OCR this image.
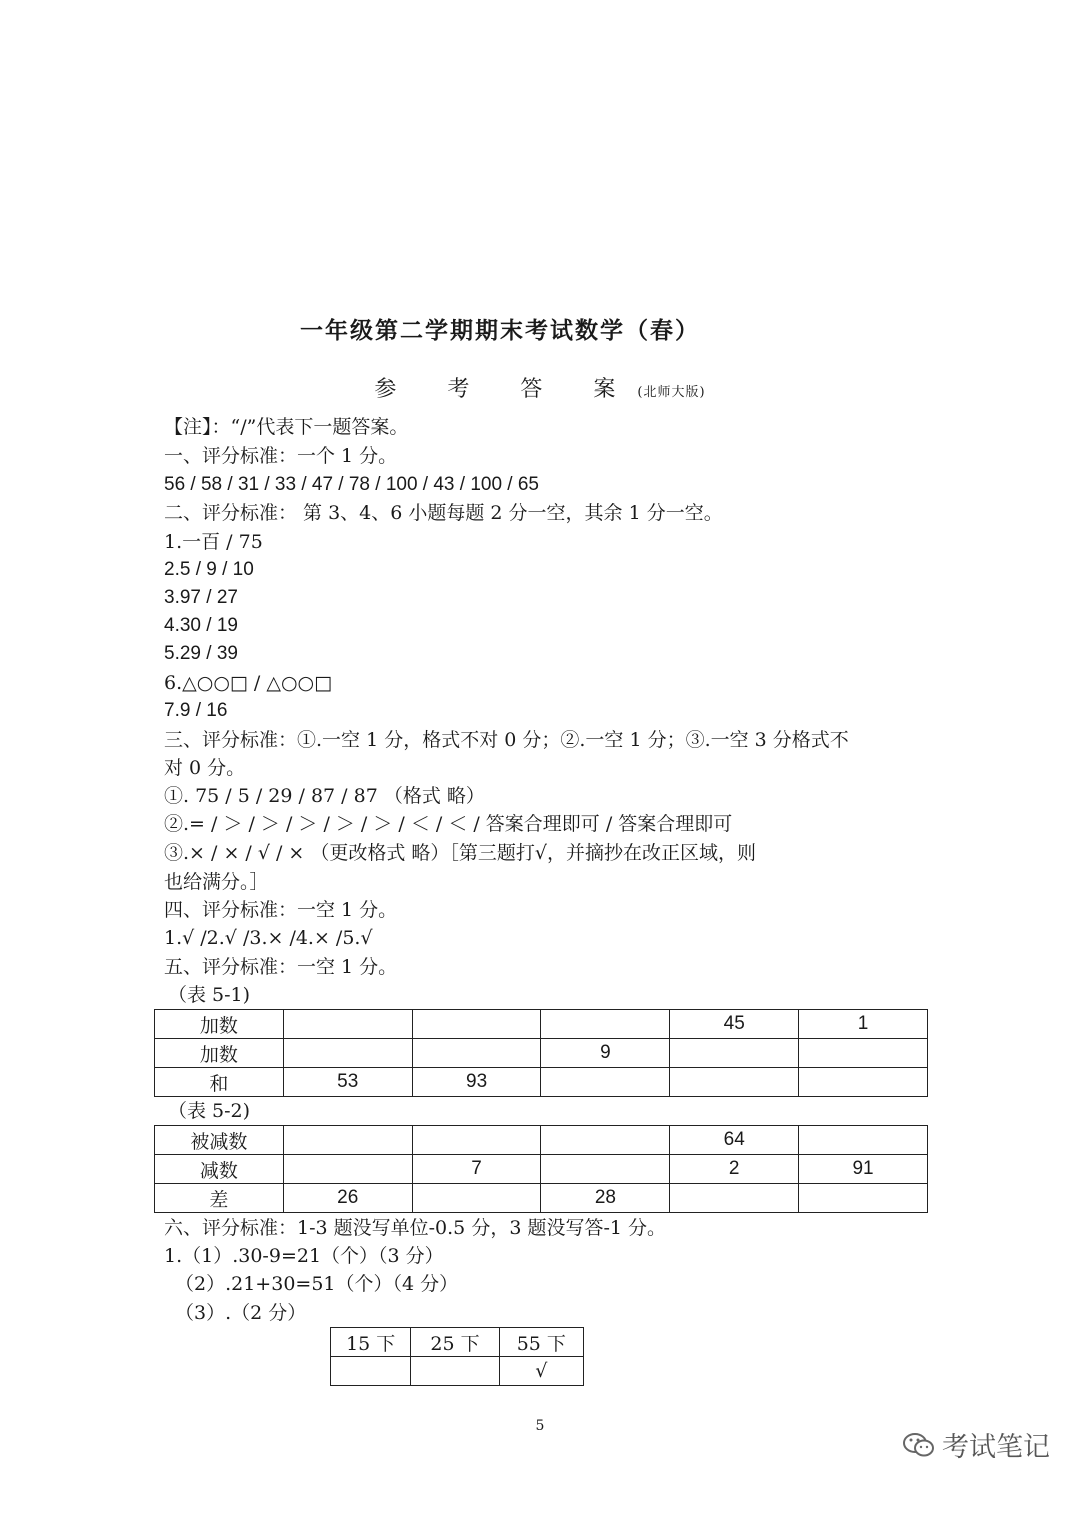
一年级第二学期期末考试数学（春）
参 考 答 案(北师大版)
【注】：“/”代表下一题答案。
一、评分标准：一个 1 分。
56 / 58 / 31 / 33 / 47 / 78 / 100 / 43 / 100 / 65
二、评分标准： 第 3、4、6 小题每题 2 分一空，其余 1 分一空。
1.一百 / 75
2.5 / 9 / 10
3.97 / 27
4.30 / 19
5.29 / 39
6.△○○□ / △○○□
7.9 / 16
三、评分标准：①.一空 1 分，格式不对 0 分；②.一空 1 分；③.一空 3 分格式不
对 0 分。
①. 75 / 5 / 29 / 87 / 87 （格式 略）
②.= / ＞ / ＞ / ＞ / ＞ / ＞ / ＜ / ＜ / 答案合理即可 / 答案合理即可
③.× / × / √ / × （更改格式 略）［第三题打√，并摘抄在改正区域，则
也给满分。］
四、评分标准：一空 1 分。
1.√ /2.√ /3.× /4.× /5.√
五、评分标准：一空 1 分。
（表 5-1)
加数				45	1
加数			9		
和	53	93			
（表 5-2)
被减数				64	
减数		7		2	91
差	26		28		
六、评分标准：1-3 题没写单位-0.5 分，3 题没写答-1 分。
1.（1）.30-9=21（个）（3 分）
（2）.21+30=51（个）（4 分）
（3）.（2 分）
15 下	25 下	55 下
		√
5
考试笔记
